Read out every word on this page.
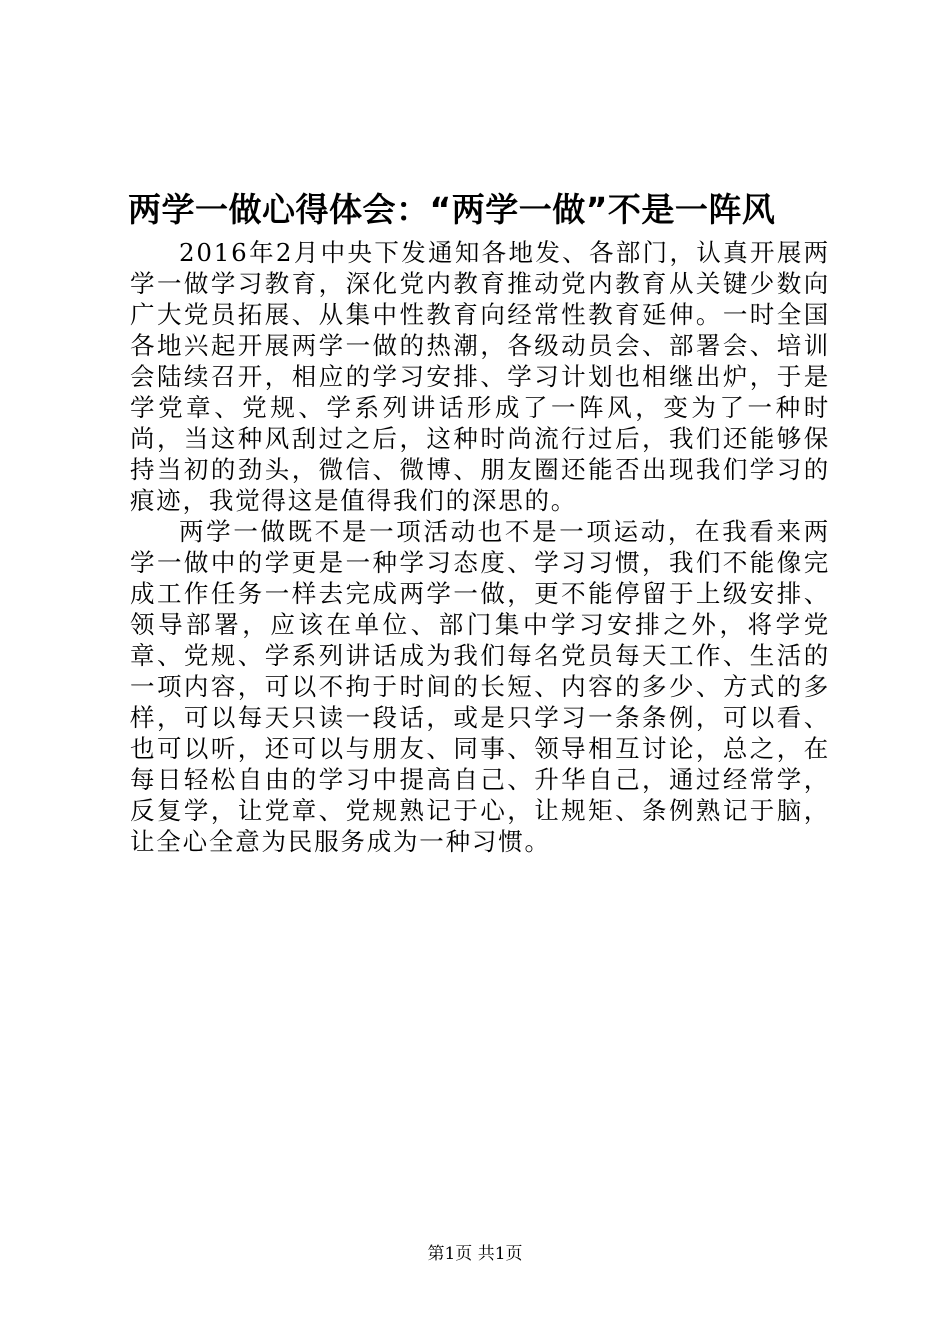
两学一做心得体会：“两学一做”不是一阵风

2016年2月中央下发通知各地发、各部门，认真开展两学一做学习教育，深化党内教育推动党内教育从关键少数向广大党员拓展、从集中性教育向经常性教育延伸。一时全国各地兴起开展两学一做的热潮，各级动员会、部署会、培训会陆续召开，相应的学习安排、学习计划也相继出炉，于是学党章、党规、学系列讲话形成了一阵风，变为了一种时尚，当这种风刮过之后，这种时尚流行过后，我们还能够保持当初的劲头，微信、微博、朋友圈还能否出现我们学习的痕迹，我觉得这是值得我们的深思的。

两学一做既不是一项活动也不是一项运动，在我看来两学一做中的学更是一种学习态度、学习习惯，我们不能像完成工作任务一样去完成两学一做，更不能停留于上级安排、领导部署，应该在单位、部门集中学习安排之外，将学党章、党规、学系列讲话成为我们每名党员每天工作、生活的一项内容，可以不拘于时间的长短、内容的多少、方式的多样，可以每天只读一段话，或是只学习一条条例，可以看、也可以听，还可以与朋友、同事、领导相互讨论，总之，在每日轻松自由的学习中提高自己、升华自己，通过经常学，反复学，让党章、党规熟记于心，让规矩、条例熟记于脑，让全心全意为民服务成为一种习惯。

第1页 共1页
